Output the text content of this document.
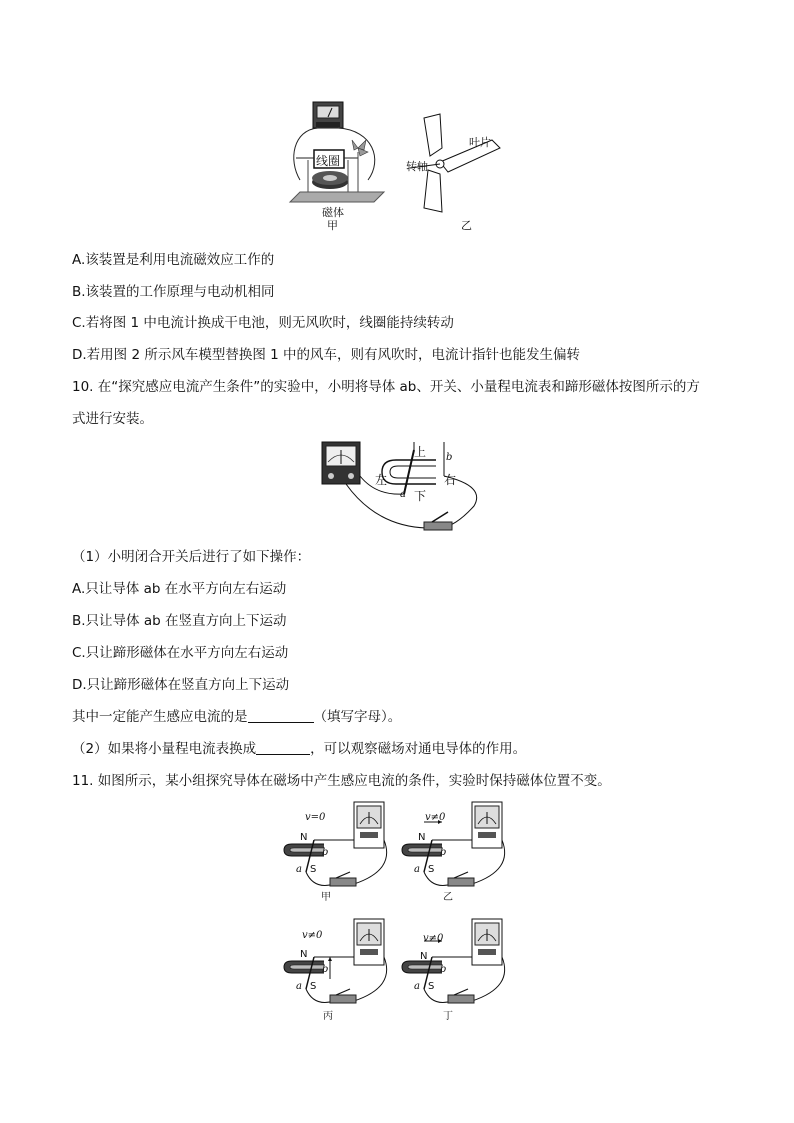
线圈
磁体
甲
叶片
转轴
乙
A.该装置是利用电流磁效应工作的
B.该装置的工作原理与电动机相同
C.若将图 1 中电流计换成干电池，则无风吹时，线圈能持续转动
D.若用图 2 所示风车模型替换图 1 中的风车，则有风吹时，电流计指针也能发生偏转
10. 在“探究感应电流产生条件”的实验中，小明将导体 ab、开关、小量程电流表和蹄形磁体按图所示的方
式进行安装。
上
下
左
a
b
右
（1）小明闭合开关后进行了如下操作：
A.只让导体 ab 在水平方向左右运动
B.只让导体 ab 在竖直方向上下运动
C.只让蹄形磁体在水平方向左右运动
D.只让蹄形磁体在竖直方向上下运动
其中一定能产生感应电流的是	（填写字母）。
（2）如果将小量程电流表换成	，可以观察磁场对通电导体的作用。
11. 如图所示，某小组探究导体在磁场中产生感应电流的条件，实验时保持磁体位置不变。
v=0
N
S
a
b
甲
v≠0
N
S
a
b
乙
v≠0
N
S
a
b
丙
v≠0
N
S
a
b
丁
